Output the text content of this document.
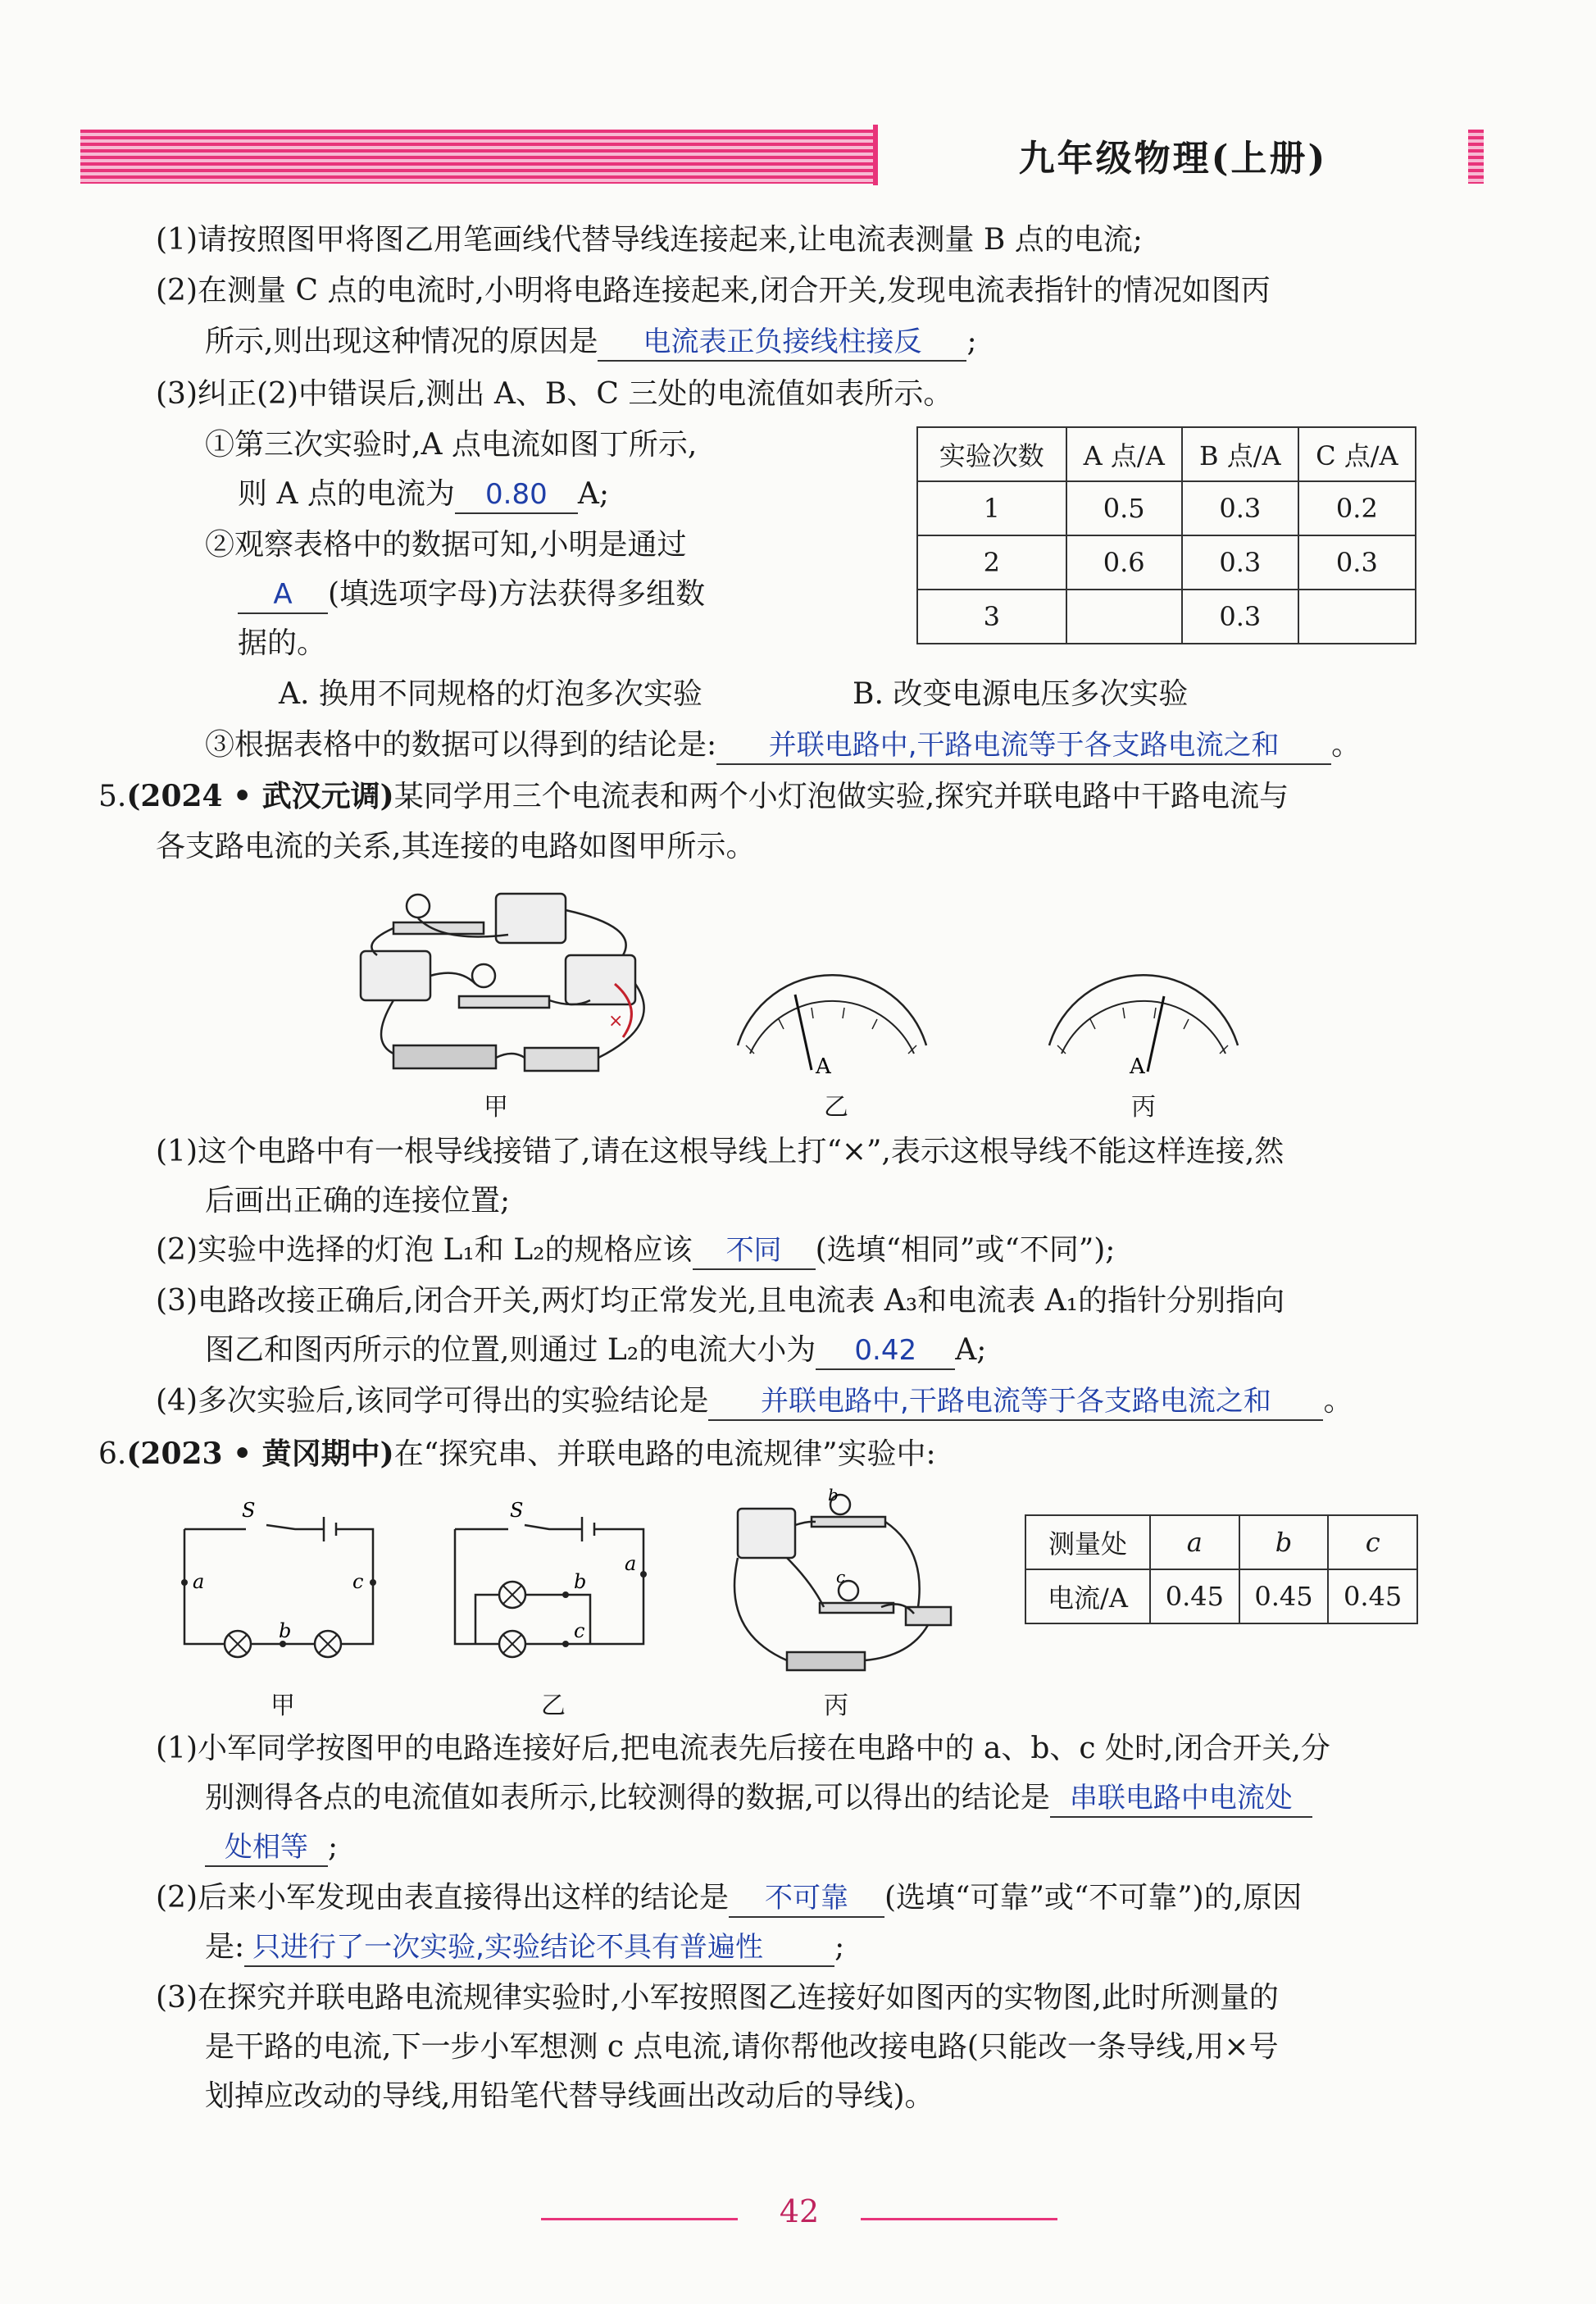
九年级物理(上册)
(1)请按照图甲将图乙用笔画线代替导线连接起来,让电流表测量 B 点的电流;
(2)在测量 C 点的电流时,小明将电路连接起来,闭合开关,发现电流表指针的情况如图丙
所示,则出现这种情况的原因是 电流表正负接线柱接反 ;
(3)纠正(2)中错误后,测出 A、B、C 三处的电流值如表所示。
①第三次实验时,A 点电流如图丁所示,
则 A 点的电流为 0.80 A;
②观察表格中的数据可知,小明是通过
A (填选项字母)方法获得多组数
据的。
实验次数	A 点/A	B 点/A	C 点/A
1	0.5	0.3	0.2
2	0.6	0.3	0.3
3		0.3	
A. 换用不同规格的灯泡多次实验	B. 改变电源电压多次实验
③根据表格中的数据可以得到的结论是: 并联电路中,干路电流等于各支路电流之和 。
5.(2024 • 武汉元调)某同学用三个电流表和两个小灯泡做实验,探究并联电路中干路电流与
各支路电流的关系,其连接的电路如图甲所示。
×
甲
A
乙
A
丙
(1)这个电路中有一根导线接错了,请在这根导线上打“×”,表示这根导线不能这样连接,然
后画出正确的连接位置;
(2)实验中选择的灯泡 L₁和 L₂的规格应该 不同 (选填“相同”或“不同”);
(3)电路改接正确后,闭合开关,两灯均正常发光,且电流表 A₃和电流表 A₁的指针分别指向
图乙和图丙所示的位置,则通过 L₂的电流大小为 0.42 A;
(4)多次实验后,该同学可得出的实验结论是 并联电路中,干路电流等于各支路电流之和 。
6.(2023 • 黄冈期中)在“探究串、并联电路的电流规律”实验中:
S
a
b
c
甲
S
a
b
c
乙
b
c
丙
测量处	a	b	c
电流/A	0.45	0.45	0.45
(1)小军同学按图甲的电路连接好后,把电流表先后接在电路中的 a、b、c 处时,闭合开关,分
别测得各点的电流值如表所示,比较测得的数据,可以得出的结论是 串联电路中电流处
处相等 ;
(2)后来小军发现由表直接得出这样的结论是 不可靠 (选填“可靠”或“不可靠”)的,原因
是: 只进行了一次实验,实验结论不具有普遍性 ;
(3)在探究并联电路电流规律实验时,小军按照图乙连接好如图丙的实物图,此时所测量的
是干路的电流,下一步小军想测 c 点电流,请你帮他改接电路(只能改一条导线,用×号
划掉应改动的导线,用铅笔代替导线画出改动后的导线)。
42
